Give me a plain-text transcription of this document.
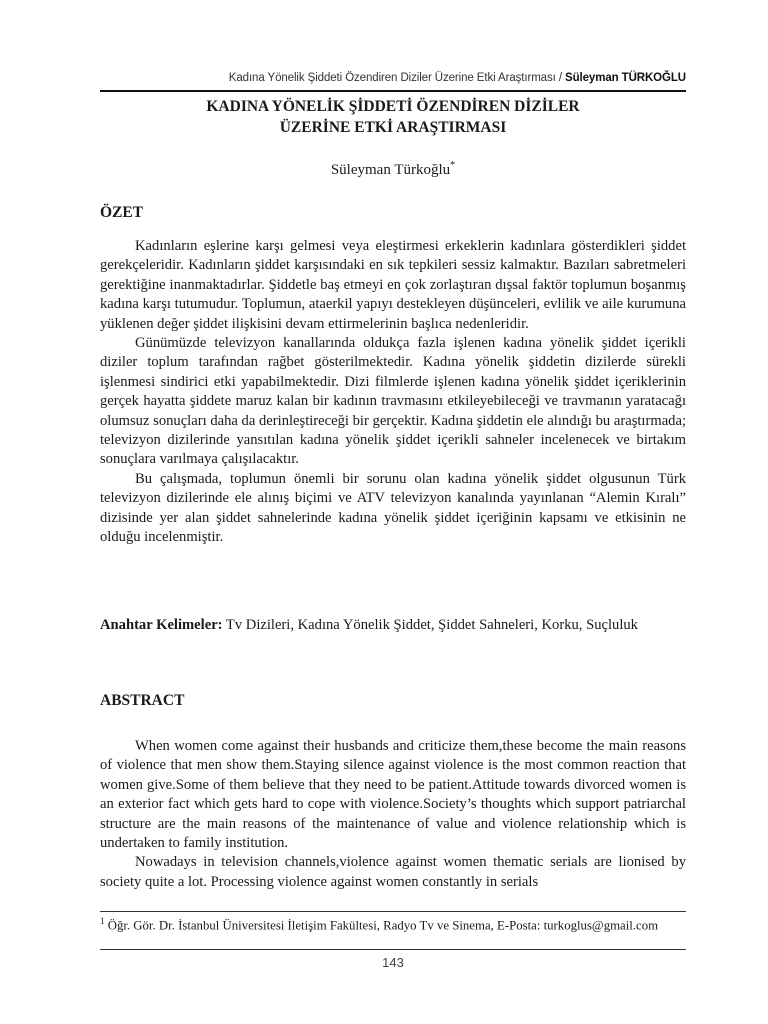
Kadına Yönelik Şiddeti Özendiren Diziler Üzerine Etki Araştırması / Süleyman TÜRKOĞLU
KADINA YÖNELİK ŞİDDETİ ÖZENDİREN DİZİLER
ÜZERİNE ETKİ ARAŞTIRMASI

Süleyman Türkoğlu*

ÖZET

Kadınların eşlerine karşı gelmesi veya eleştirmesi erkeklerin kadınlara gösterdikleri şiddet gerekçeleridir. Kadınların şiddet karşısındaki en sık tepkileri sessiz kalmaktır. Bazıları sabretmeleri gerektiğine inanmaktadırlar. Şiddetle baş etmeyi en çok zorlaştıran dışsal faktör toplumun boşanmış kadına karşı tutumudur. Toplumun, ataerkil yapıyı destekleyen düşünceleri, evlilik ve aile kurumuna yüklenen değer şiddet ilişkisini devam ettirmelerinin başlıca nedenleridir.

Günümüzde televizyon kanallarında oldukça fazla işlenen kadına yönelik şiddet içerikli diziler toplum tarafından rağbet gösterilmektedir. Kadına yönelik şiddetin dizilerde sürekli işlenmesi sindirici etki yapabilmektedir. Dizi filmlerde işlenen kadına yönelik şiddet içeriklerinin gerçek hayatta şiddete maruz kalan bir kadının travmasını etkileyebileceği ve travmanın yaratacağı olumsuz sonuçları daha da derinleştireceği bir gerçektir. Kadına şiddetin ele alındığı bu araştırmada; televizyon dizilerinde yansıtılan kadına yönelik şiddet içerikli sahneler incelenecek ve birtakım sonuçlara varılmaya çalışılacaktır.

Bu çalışmada, toplumun önemli bir sorunu olan kadına yönelik şiddet olgusunun Türk televizyon dizilerinde ele alınış biçimi ve ATV televizyon kanalında yayınlanan “Alemin Kıralı” dizisinde yer alan şiddet sahnelerinde kadına yönelik şiddet içeriğinin kapsamı ve etkisinin ne olduğu incelenmiştir.

Anahtar Kelimeler: Tv Dizileri, Kadına Yönelik Şiddet, Şiddet Sahneleri, Korku, Suçluluk

ABSTRACT

When women come against their husbands and criticize them,these become the main reasons of violence that men show them.Staying silence against violence is the most common reaction that women give.Some of them believe that they need to be patient.Attitude towards divorced women is an exterior fact which gets hard to cope with violence.Society’s thoughts which support patriarchal structure are the main reasons of the maintenance of value and violence relationship which is undertaken to family institution.

Nowadays in television channels,violence against women thematic serials are lionised by society quite a lot. Processing violence against women constantly in serials

$^1$ Öğr. Gör. Dr. İstanbul Üniversitesi İletişim Fakültesi, Radyo Tv ve Sinema, E-Posta: turkoglus@gmail.com

143
